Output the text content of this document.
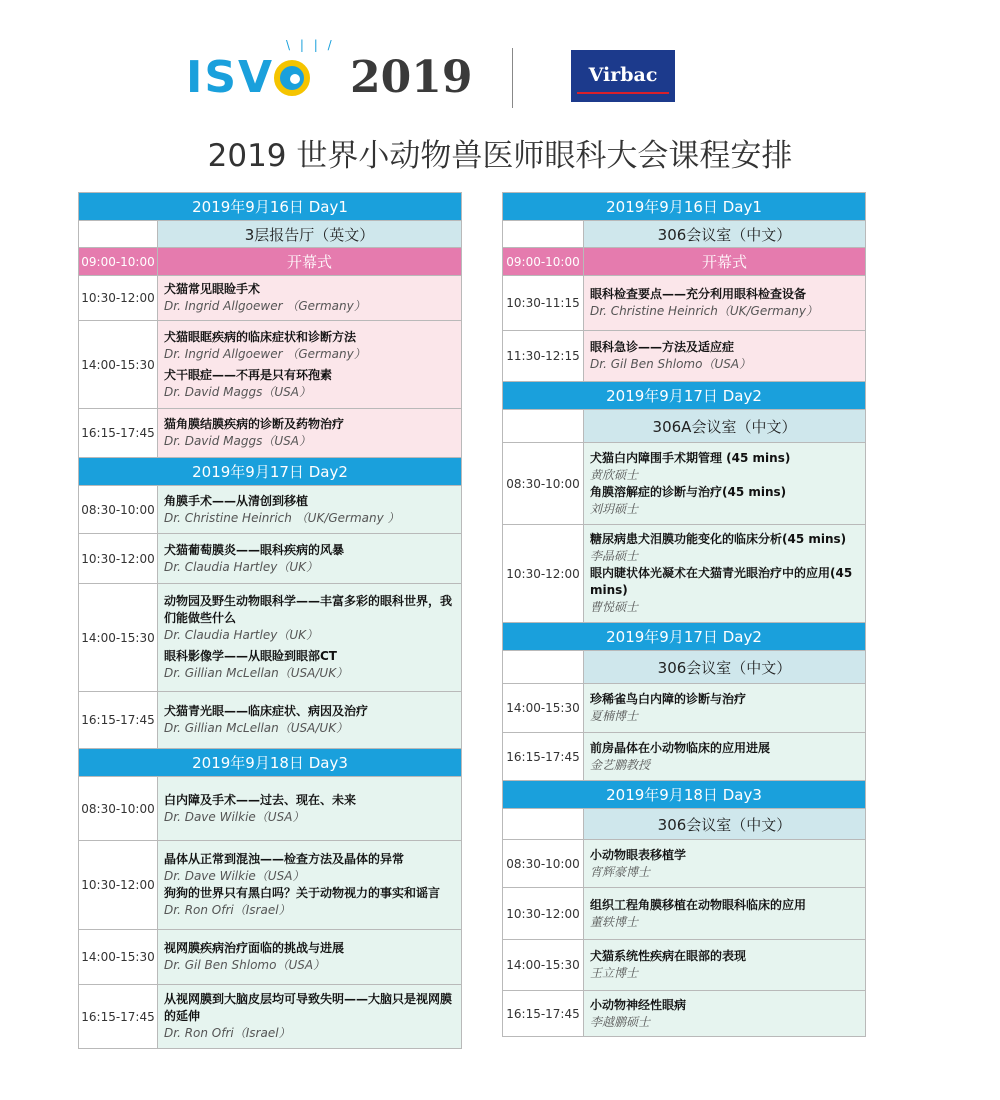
\ | | /
ISV	2019	Virbac
2019 世界小动物兽医师眼科大会课程安排
2019年9月16日 Day1	
	3层报告厅（英文）
09:00-10:00	开幕式
10:30-12:00	犬猫常见眼睑手术
Dr. Ingrid Allgoewer （Germany）

14:00-15:30	犬猫眼眶疾病的临床症状和诊断方法
Dr. Ingrid Allgoewer （Germany）
犬干眼症——不再是只有环孢素
Dr. David Maggs（USA）

16:15-17:45	猫角膜结膜疾病的诊断及药物治疗
Dr. David Maggs（USA）

2019年9月17日 Day2	
08:30-10:00	角膜手术——从清创到移植
Dr. Christine Heinrich （UK/Germany ）

10:30-12:00	犬猫葡萄膜炎——眼科疾病的风暴
Dr. Claudia Hartley（UK）

14:00-15:30	动物园及野生动物眼科学——丰富多彩的眼科世界，我们能做些什么
Dr. Claudia Hartley（UK）
眼科影像学——从眼睑到眼部CT
Dr. Gillian McLellan（USA/UK）

16:15-17:45	犬猫青光眼——临床症状、病因及治疗
Dr. Gillian McLellan（USA/UK）

2019年9月18日 Day3	
08:30-10:00	白内障及手术——过去、现在、未来
Dr. Dave Wilkie（USA）

10:30-12:00	晶体从正常到混浊——检查方法及晶体的异常
Dr. Dave Wilkie（USA）
狗狗的世界只有黑白吗？关于动物视力的事实和谣言
Dr. Ron Ofri（Israel）

14:00-15:30	视网膜疾病治疗面临的挑战与进展
Dr. Gil Ben Shlomo（USA）

16:15-17:45	从视网膜到大脑皮层均可导致失明——大脑只是视网膜的延伸
Dr. Ron Ofri（Israel）
2019年9月16日 Day1	
	306会议室（中文）
09:00-10:00	开幕式
10:30-11:15	眼科检查要点——充分利用眼科检查设备
Dr. Christine Heinrich（UK/Germany）

11:30-12:15	眼科急诊——方法及适应症
Dr. Gil Ben Shlomo（USA）

2019年9月17日 Day2	
	306A会议室（中文）
08:30-10:00	犬猫白内障围手术期管理 (45 mins)
黄欣硕士
角膜溶解症的诊断与治疗(45 mins)
刘玥硕士

10:30-12:00	糖尿病患犬泪膜功能变化的临床分析(45 mins)
李晶硕士
眼内睫状体光凝术在犬猫青光眼治疗中的应用(45 mins)
曹悦硕士

2019年9月17日 Day2	
	306会议室（中文）
14:00-15:30	珍稀雀鸟白内障的诊断与治疗
夏楠博士

16:15-17:45	前房晶体在小动物临床的应用进展
金艺鹏教授

2019年9月18日 Day3	
	306会议室（中文）
08:30-10:00	小动物眼表移植学
宵辉豪博士

10:30-12:00	组织工程角膜移植在动物眼科临床的应用
董轶博士

14:00-15:30	犬猫系统性疾病在眼部的表现
王立博士

16:15-17:45	小动物神经性眼病
李越鹏硕士
